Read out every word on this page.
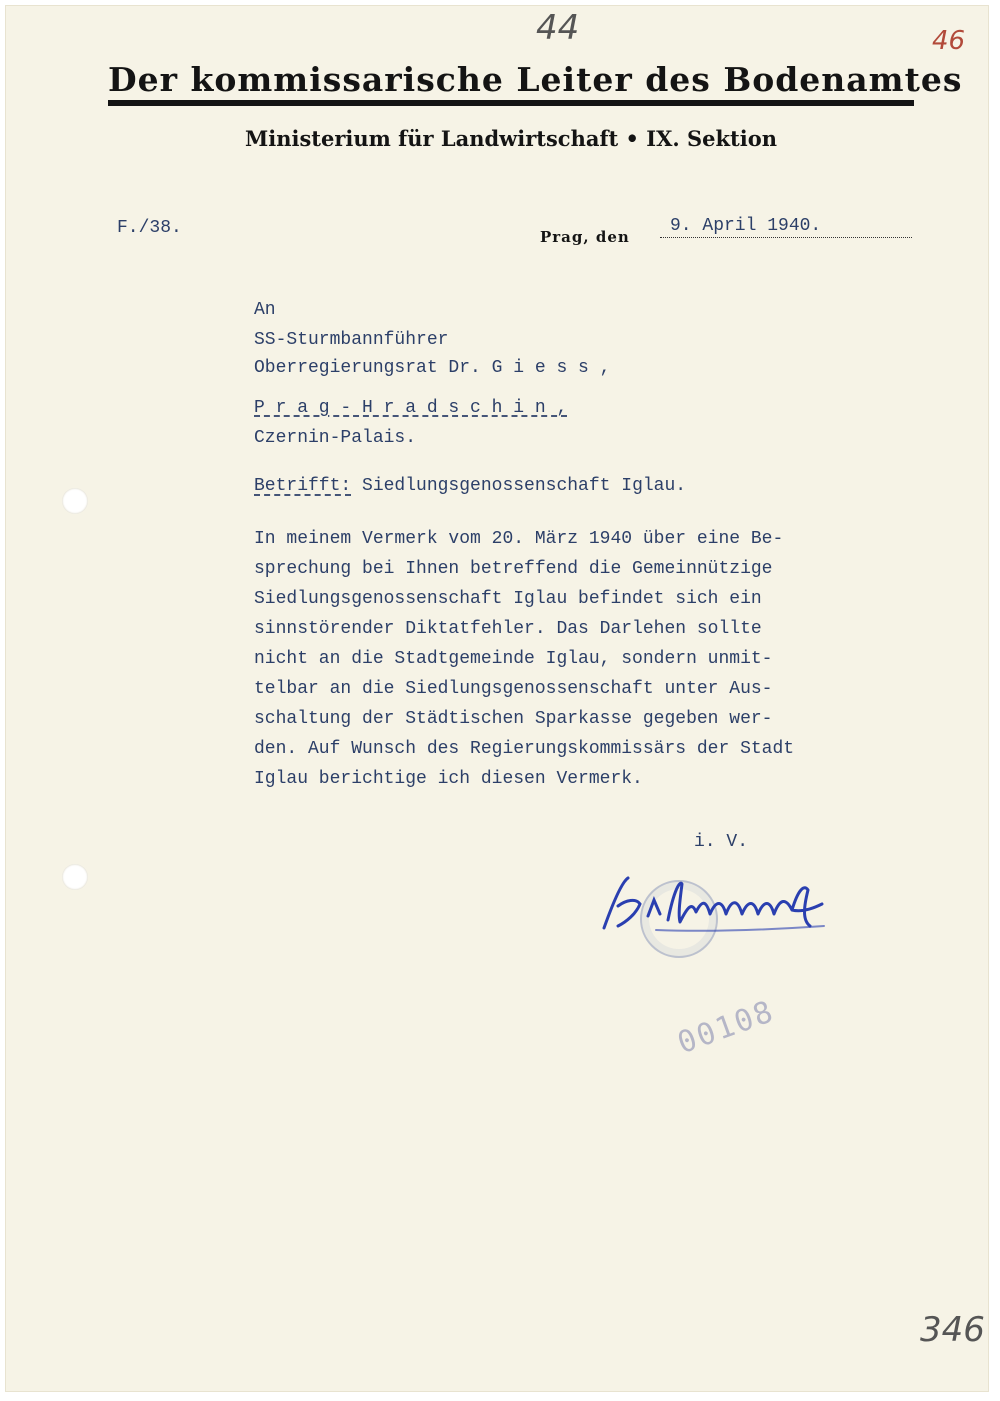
44	46
Der kommissarische Leiter des Bodenamtes
Ministerium für Landwirtschaft • IX. Sektion
F./38.	Prag, den
9. April 1940.
An
SS-Sturmbannführer
Oberregierungsrat Dr. G i e s s ,
P r a g - H r a d s c h i n ,
Czernin-Palais.
Betrifft: Siedlungsgenossenschaft Iglau.
In meinem Vermerk vom 20. März 1940 über eine Be-
sprechung bei Ihnen betreffend die Gemeinnützige
Siedlungsgenossenschaft Iglau befindet sich ein
sinnstörender Diktatfehler. Das Darlehen sollte
nicht an die Stadtgemeinde Iglau, sondern unmit-
telbar an die Siedlungsgenossenschaft unter Aus-
schaltung der Städtischen Sparkasse gegeben wer-
den. Auf Wunsch des Regierungskommissärs der Stadt
Iglau berichtige ich diesen Vermerk.
i. V.
00108
346
